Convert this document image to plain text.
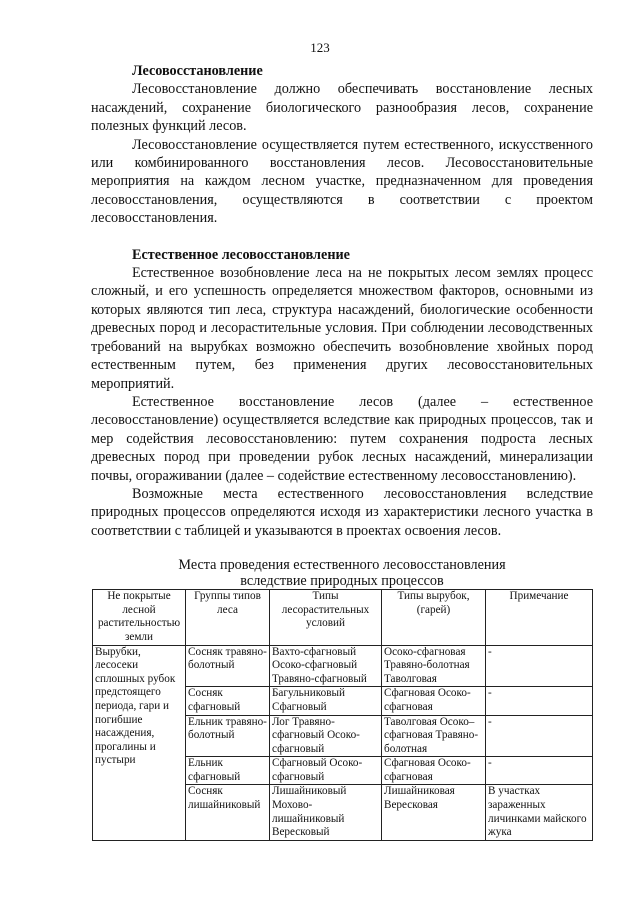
123

Лесовосстановление

Лесовосстановление должно обеспечивать восстановление лесных насаждений, сохранение биологического разнообразия лесов, сохранение полезных функций лесов.

Лесовосстановление осуществляется путем естественного, искусственного или комбинированного восстановления лесов. Лесовосстановительные мероприятия на каждом лесном участке, предназначенном для проведения лесовосстановления, осуществляются в соответствии с проектом лесовосстановления.

Естественное лесовосстановление

Естественное возобновление леса на не покрытых лесом землях процесс сложный, и его успешность определяется множеством факторов, основными из которых являются тип леса, структура насаждений, биологические особенности древесных пород и лесорастительные условия. При соблюдении лесоводственных требований на вырубках возможно обеспечить возобновление хвойных пород естественным путем, без применения других лесовосстановительных мероприятий.

Естественное восстановление лесов (далее – естественное лесовосстановление) осуществляется вследствие как природных процессов, так и мер содействия лесовосстановлению: путем сохранения подроста лесных древесных пород при проведении рубок лесных насаждений, минерализации почвы, огораживании (далее – содействие естественному лесовосстановлению).

Возможные места естественного лесовосстановления вследствие природных процессов определяются исходя из характеристики лесного участка в соответствии с таблицей и указываются в проектах освоения лесов.

Места проведения естественного лесовосстановления
вследствие природных процессов

Не покрытые лесной растительностью земли	Группы типов леса	Типы лесорастительных условий	Типы вырубок, (гарей)	Примечание
Вырубки, лесосеки сплошных рубок предстоящего периода, гари и погибшие насаждения, прогалины и пустыри	Сосняк травяно-болотный	Вахто-сфагновый Осоко-сфагновый Травяно-сфагновый	Осоко-сфагновая Травяно-болотная Таволговая	-
	Сосняк сфагновый	Багульниковый Сфагновый	Сфагновая Осоко-сфагновая	-
	Ельник травяно-болотный	Лог Травяно-сфагновый Осоко-сфагновый	Таволговая Осоко–сфагновая Травяно-болотная	-
	Ельник сфагновый	Сфагновый Осоко-сфагновый	Сфагновая Осоко-сфагновая	-
	Сосняк лишайниковый	Лишайниковый Мохово-лишайниковый Вересковый	Лишайниковая Вересковая	В участках зараженных личинками майского жука
